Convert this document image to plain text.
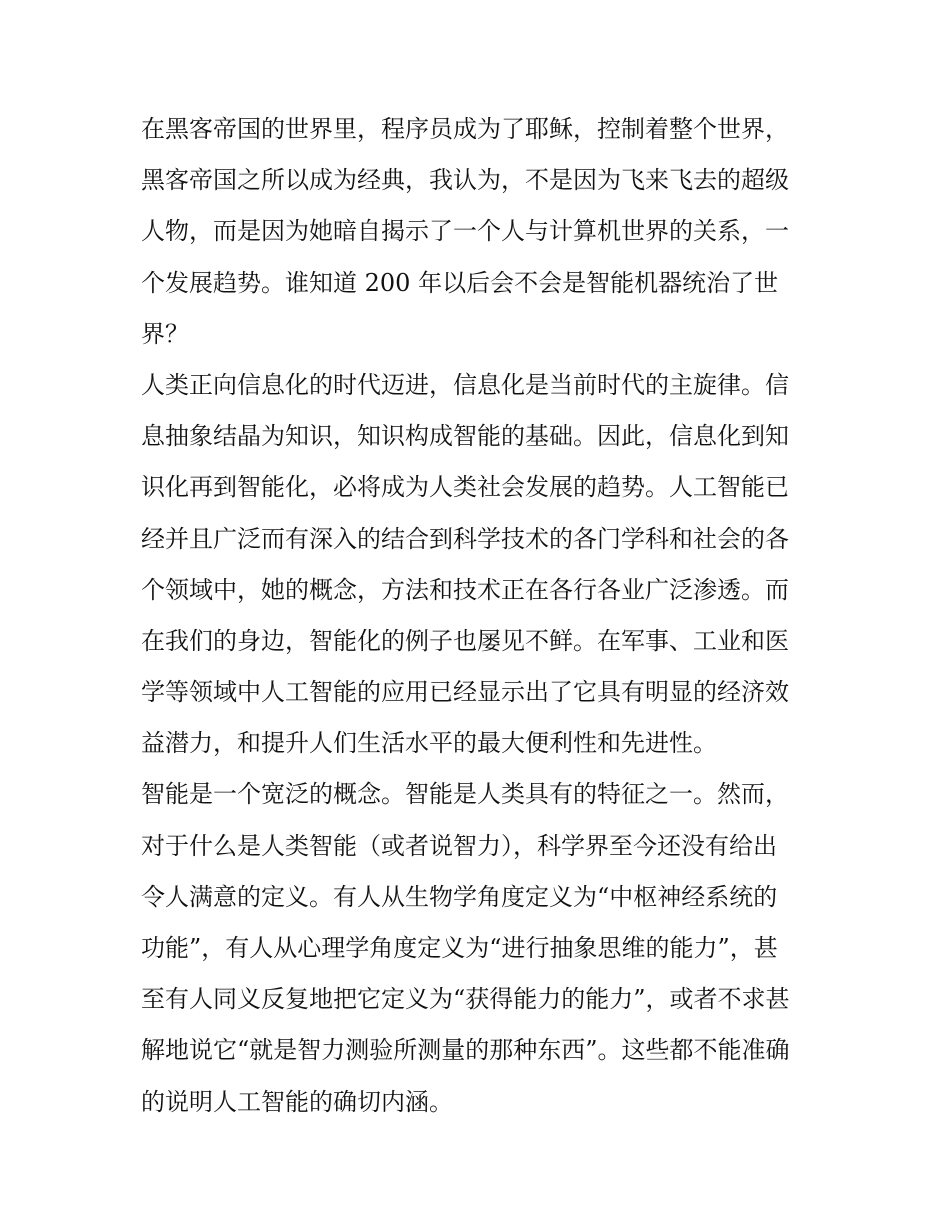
在黑客帝国的世界里，程序员成为了耶稣，控制着整个世界，
黑客帝国之所以成为经典，我认为，不是因为飞来飞去的超级
人物，而是因为她暗自揭示了一个人与计算机世界的关系，一
个发展趋势。谁知道 200 年以后会不会是智能机器统治了世
界？
人类正向信息化的时代迈进，信息化是当前时代的主旋律。信
息抽象结晶为知识，知识构成智能的基础。因此，信息化到知
识化再到智能化，必将成为人类社会发展的趋势。人工智能已
经并且广泛而有深入的结合到科学技术的各门学科和社会的各
个领域中，她的概念，方法和技术正在各行各业广泛渗透。而
在我们的身边，智能化的例子也屡见不鲜。在军事、工业和医
学等领域中人工智能的应用已经显示出了它具有明显的经济效
益潜力，和提升人们生活水平的最大便利性和先进性。
智能是一个宽泛的概念。智能是人类具有的特征之一。然而，
对于什么是人类智能（或者说智力），科学界至今还没有给出
令人满意的定义。有人从生物学角度定义为“中枢神经系统的
功能”，有人从心理学角度定义为“进行抽象思维的能力”，甚
至有人同义反复地把它定义为“获得能力的能力”，或者不求甚
解地说它“就是智力测验所测量的那种东西”。这些都不能准确
的说明人工智能的确切内涵。
